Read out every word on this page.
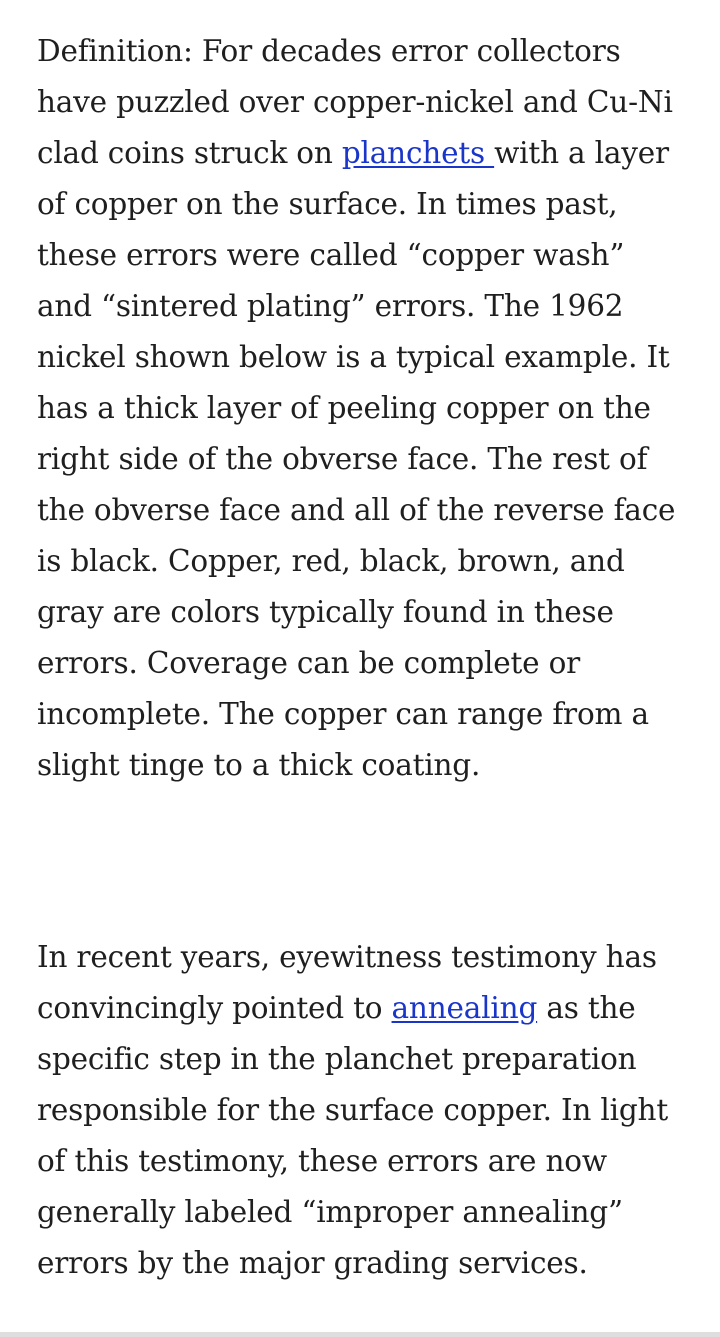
Definition: For decades error collectors have puzzled over copper-nickel and Cu-Ni clad coins struck on planchets with a layer of copper on the surface. In times past, these errors were called “copper wash” and “sintered plating” errors. The 1962 nickel shown below is a typical example. It has a thick layer of peeling copper on the right side of the obverse face. The rest of the obverse face and all of the reverse face is black. Copper, red, black, brown, and gray are colors typically found in these errors. Coverage can be complete or incomplete. The copper can range from a slight tinge to a thick coating.

In recent years, eyewitness testimony has convincingly pointed to annealing as the specific step in the planchet preparation responsible for the surface copper. In light of this testimony, these errors are now generally labeled “improper annealing” errors by the major grading services.
